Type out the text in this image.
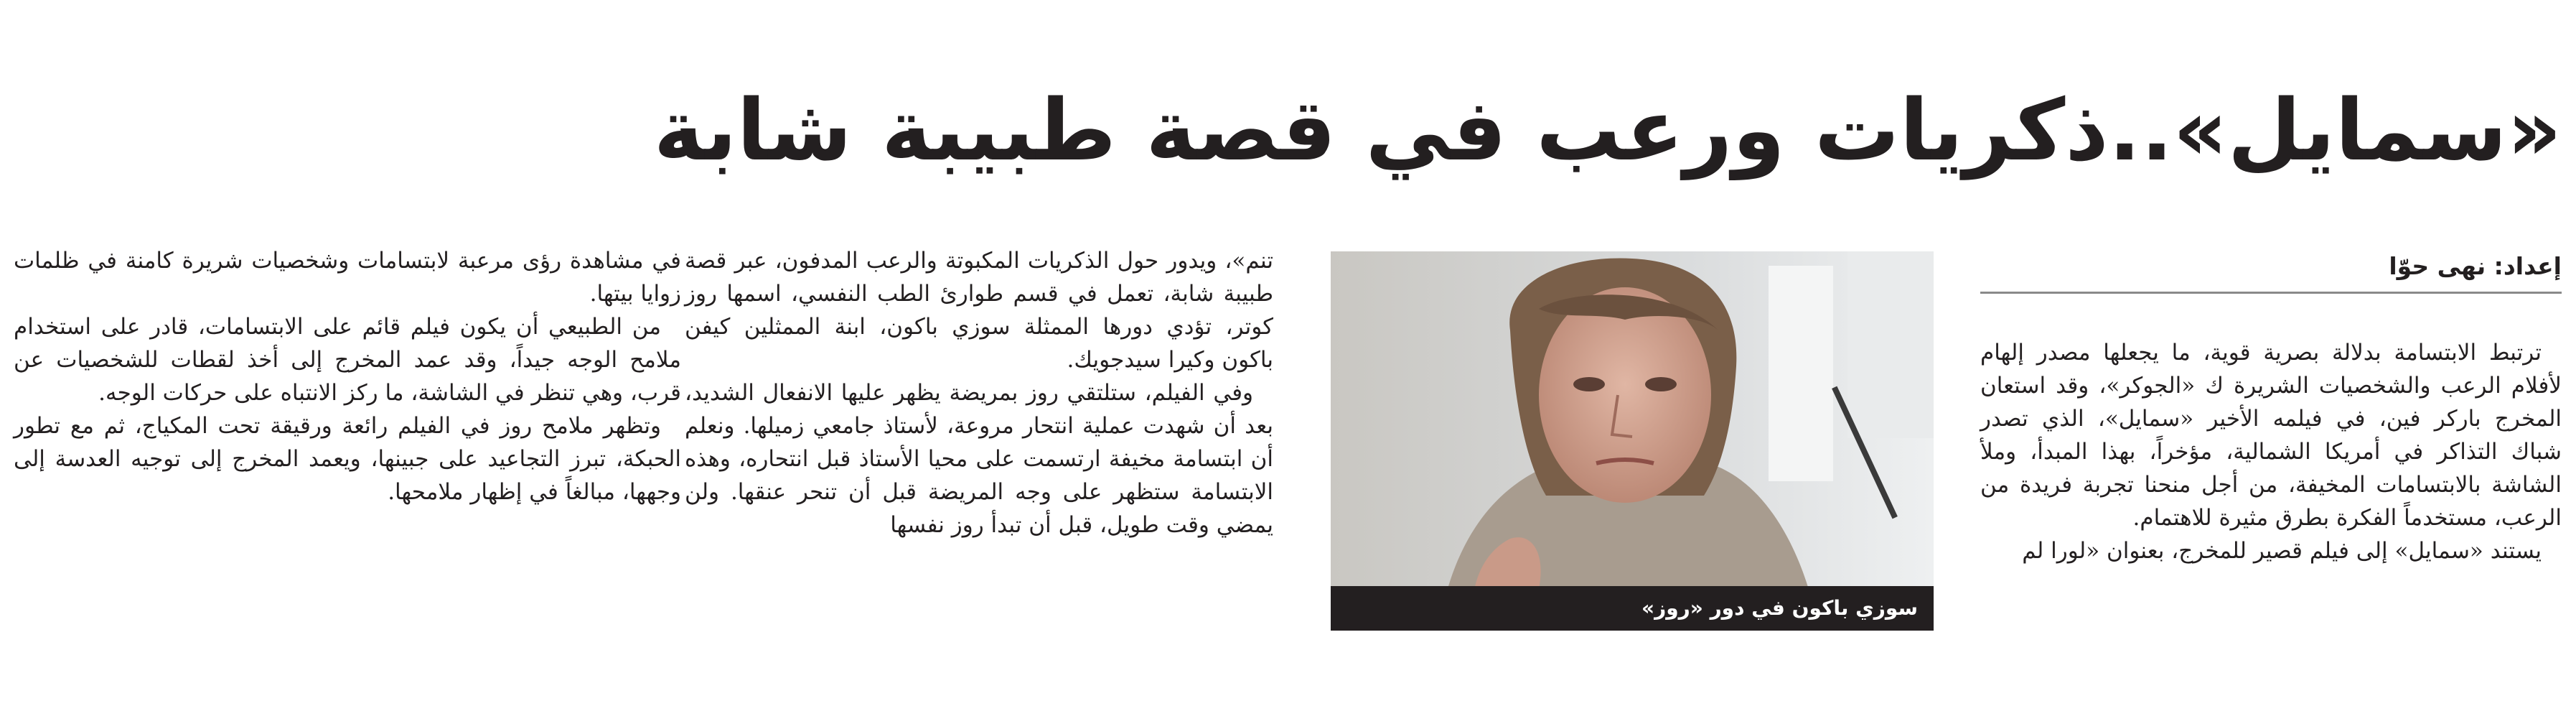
«سمايل»..ذكريات ورعب في قصة طبيبة شابة
إعداد: نهى حوّا

ترتبط الابتسامة بدلالة بصرية قوية، ما يجعلها مصدر إلهام لأفلام الرعب والشخصيات الشريرة ك «الجوكر»، وقد استعان المخرج باركر فين، في فيلمه الأخير «سمايل»، الذي تصدر شباك التذاكر في أمريكا الشمالية، مؤخراً، بهذا المبدأ، وملأ الشاشة بالابتسامات المخيفة، من أجل منحنا تجربة فريدة من الرعب، مستخدماً الفكرة بطرق مثيرة للاهتمام.

يستند «سمايل» إلى فيلم قصير للمخرج، بعنوان «لورا لم

سوزي باكون في دور «روز»

تنم»، ويدور حول الذكريات المكبوتة والرعب المدفون، عبر قصة طبيبة شابة، تعمل في قسم طوارئ الطب النفسي، اسمها روز كوتر، تؤدي دورها الممثلة سوزي باكون، ابنة الممثلين كيفن باكون وكيرا سيدجويك.

وفي الفيلم، ستلتقي روز بمريضة يظهر عليها الانفعال الشديد، بعد أن شهدت عملية انتحار مروعة، لأستاذ جامعي زميلها. ونعلم أن ابتسامة مخيفة ارتسمت على محيا الأستاذ قبل انتحاره، وهذه الابتسامة ستظهر على وجه المريضة قبل أن تنحر عنقها. ولن يمضي وقت طويل، قبل أن تبدأ روز نفسها

في مشاهدة رؤى مرعبة لابتسامات وشخصيات شريرة كامنة في ظلمات زوايا بيتها.

من الطبيعي أن يكون فيلم قائم على الابتسامات، قادر على استخدام ملامح الوجه جيداً، وقد عمد المخرج إلى أخذ لقطات للشخصيات عن قرب، وهي تنظر في الشاشة، ما ركز الانتباه على حركات الوجه.

وتظهر ملامح روز في الفيلم رائعة ورقيقة تحت المكياج، ثم مع تطور الحبكة، تبرز التجاعيد على جبينها، ويعمد المخرج إلى توجيه العدسة إلى وجهها، مبالغاً في إظهار ملامحها.
